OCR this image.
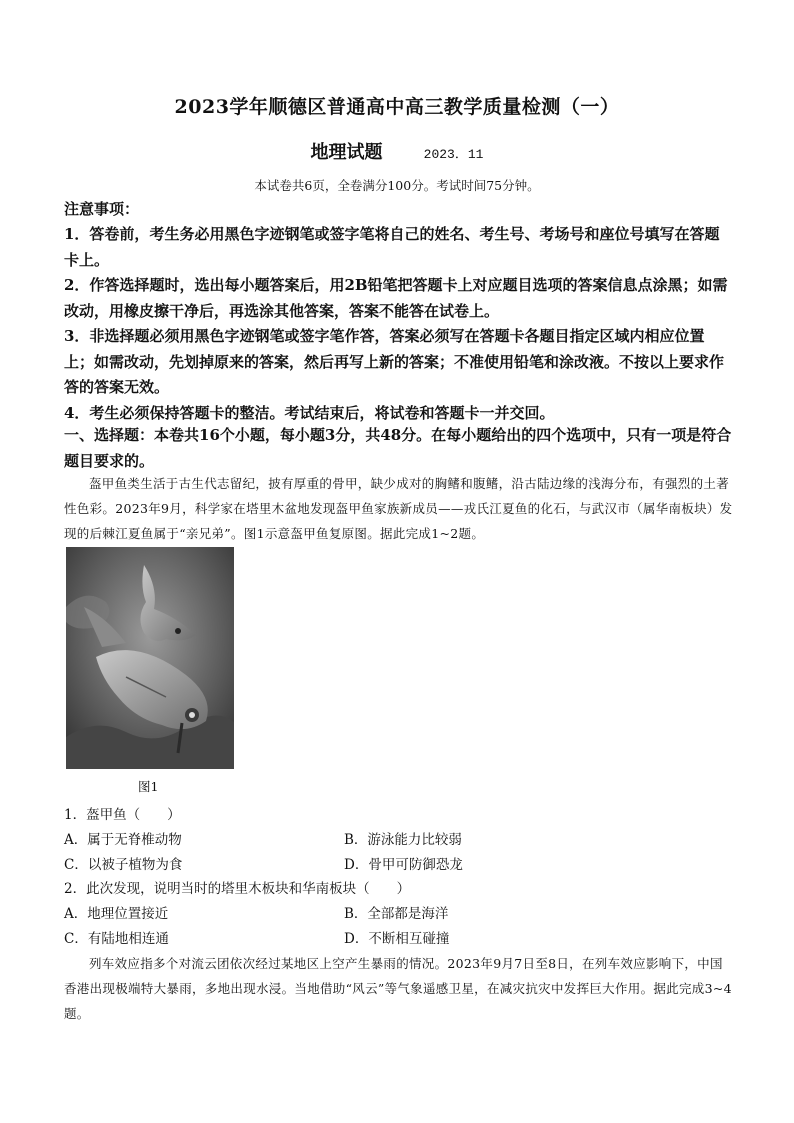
2023学年顺德区普通高中高三教学质量检测（一）
地理试题	2023．11
本试卷共6页，全卷满分100分。考试时间75分钟。
注意事项：

1．答卷前，考生务必用黑色字迹钢笔或签字笔将自己的姓名、考生号、考场号和座位号填写在答题卡上。

2．作答选择题时，选出每小题答案后，用2B铅笔把答题卡上对应题目选项的答案信息点涂黑；如需改动，用橡皮擦干净后，再选涂其他答案，答案不能答在试卷上。

3．非选择题必须用黑色字迹钢笔或签字笔作答，答案必须写在答题卡各题目指定区域内相应位置上；如需改动，先划掉原来的答案，然后再写上新的答案；不准使用铅笔和涂改液。不按以上要求作答的答案无效。

4．考生必须保持答题卡的整洁。考试结束后，将试卷和答题卡一并交回。

一、选择题：本卷共16个小题，每小题3分，共48分。在每小题给出的四个选项中，只有一项是符合题目要求的。

盔甲鱼类生活于古生代志留纪，披有厚重的骨甲，缺少成对的胸鳍和腹鳍，沿古陆边缘的浅海分布，有强烈的土著性色彩。2023年9月，科学家在塔里木盆地发现盔甲鱼家族新成员——戎氏江夏鱼的化石，与武汉市（属华南板块）发现的后棘江夏鱼属于“亲兄弟”。图1示意盔甲鱼复原图。据此完成1~2题。

图1

1．盔甲鱼（　　）

A．属于无脊椎动物	B．游泳能力比较弱
C．以被子植物为食	D．骨甲可防御恐龙

2．此次发现，说明当时的塔里木板块和华南板块（　　）

A．地理位置接近	B．全部都是海洋
C．有陆地相连通	D．不断相互碰撞

列车效应指多个对流云团依次经过某地区上空产生暴雨的情况。2023年9月7日至8日，在列车效应影响下，中国香港出现极端特大暴雨，多地出现水浸。当地借助“风云”等气象遥感卫星，在减灾抗灾中发挥巨大作用。据此完成3~4题。
